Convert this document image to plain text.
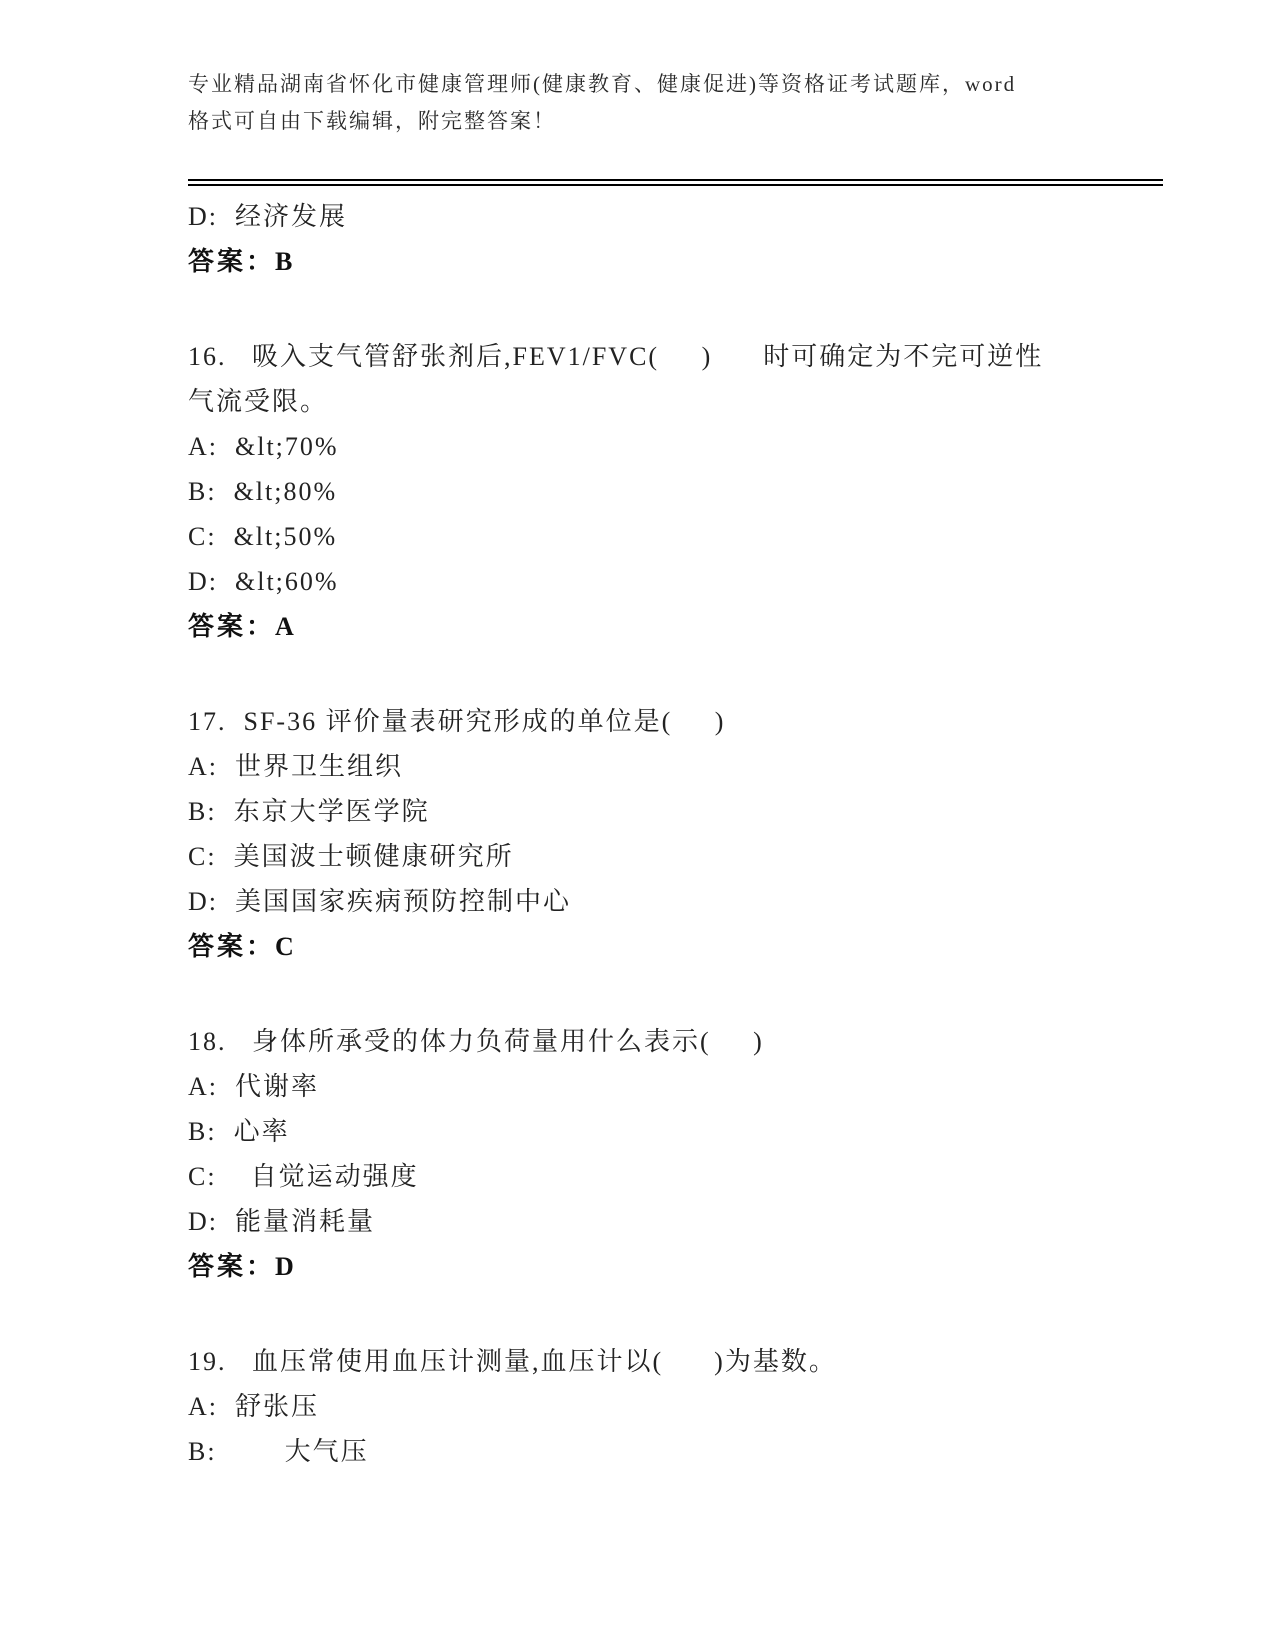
专业精品湖南省怀化市健康管理师(健康教育、健康促进)等资格证考试题库，word

格式可自由下载编辑，附完整答案！

D:  经济发展

答案：B

16.   吸入支气管舒张剂后,FEV1/FVC(     )      时可确定为不完可逆性

气流受限。

A:  &lt;70%

B:  &lt;80%

C:  &lt;50%

D:  &lt;60%

答案：A

17.  SF-36 评价量表研究形成的单位是(     )

A:  世界卫生组织

B:  东京大学医学院

C:  美国波士顿健康研究所

D:  美国国家疾病预防控制中心

答案：C

18.   身体所承受的体力负荷量用什么表示(     )

A:  代谢率

B:  心率

C:    自觉运动强度

D:  能量消耗量

答案：D

19.   血压常使用血压计测量,血压计以(      )为基数。

A:  舒张压

B:        大气压
